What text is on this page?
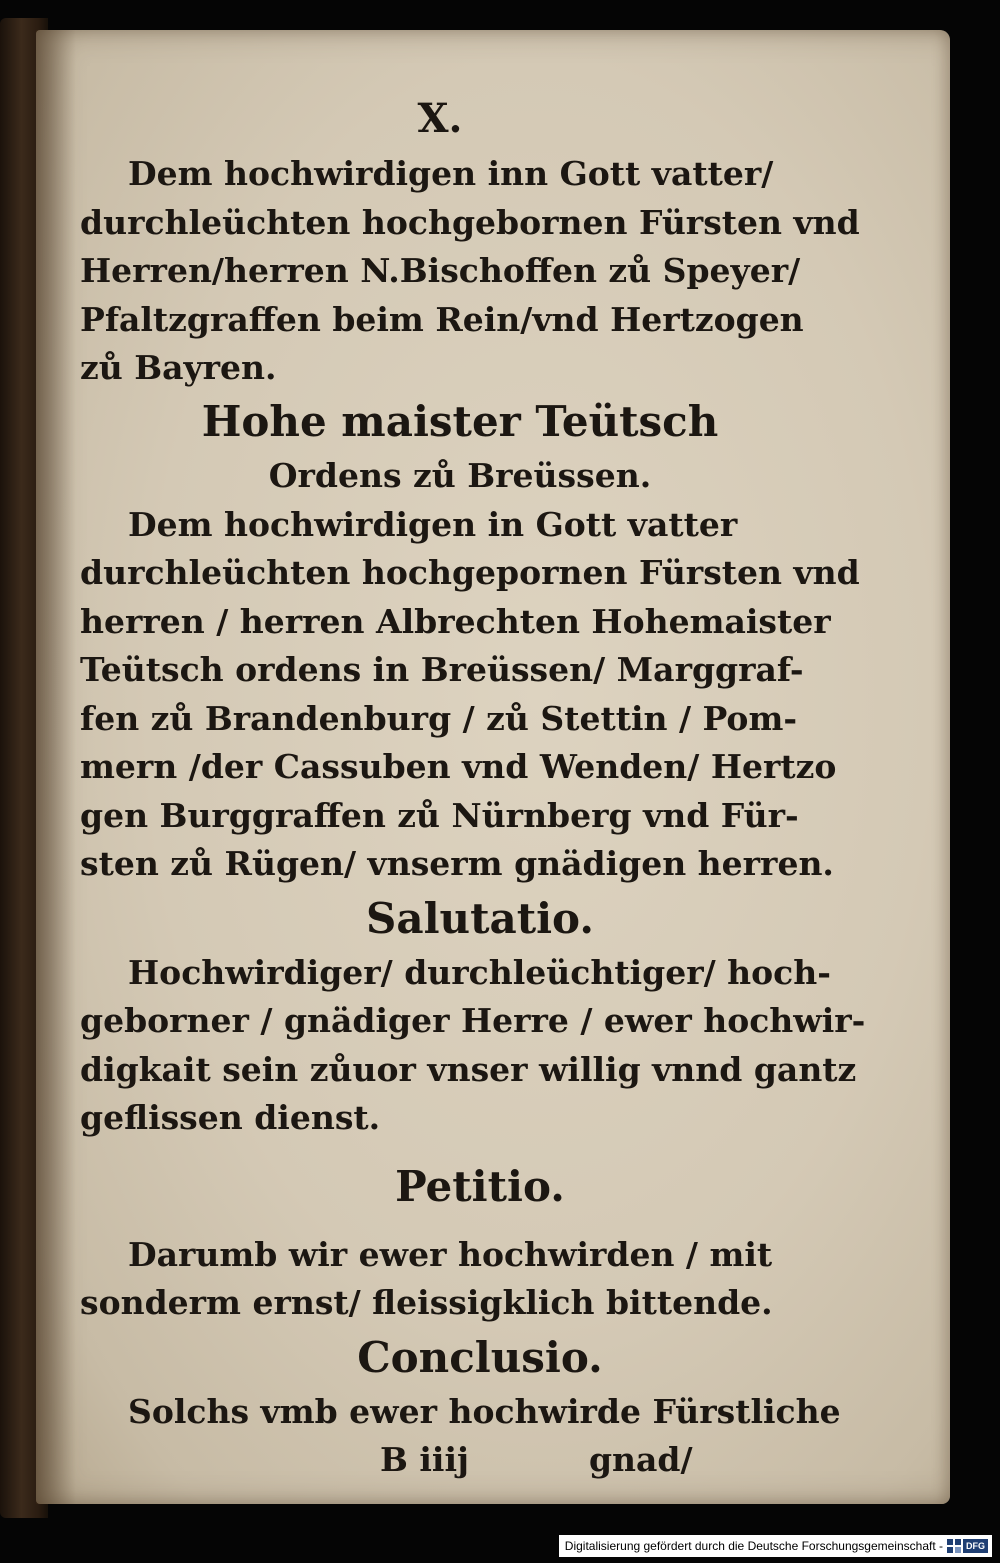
X.
Dem hochwirdigen inn Gott vatter/
durchleüchten hochgebornen Fürsten vnd
Herren/herren N.Bischoffen zů Speyer/
Pfaltzgraffen beim Rein/vnd Hertzogen
zů Bayren.
Hohe maister Teütsch
Ordens zů Breüssen.
Dem hochwirdigen in Gott vatter
durchleüchten hochgepornen Fürsten vnd
herren / herren Albrechten Hohemaister
Teütsch ordens in Breüssen/ Marggraf-
fen zů Brandenburg / zů Stettin / Pom-
mern /der Cassuben vnd Wenden/ Hertzo
gen Burggraffen zů Nürnberg vnd Für-
sten zů Rügen/ vnserm gnädigen herren.
Salutatio.
Hochwirdiger/ durchleüchtiger/ hoch-
geborner / gnädiger Herre / ewer hochwir-
digkait sein zůuor vnser willig vnnd gantz
geflissen dienst.
Petitio.
Darumb wir ewer hochwirden / mit
sonderm ernst/ fleissigklich bittende.
Conclusio.
Solchs vmb ewer hochwirde Fürstliche
B iiij	gnad/
Digitalisierung gefördert durch die Deutsche Forschungsgemeinschaft -	DFG
